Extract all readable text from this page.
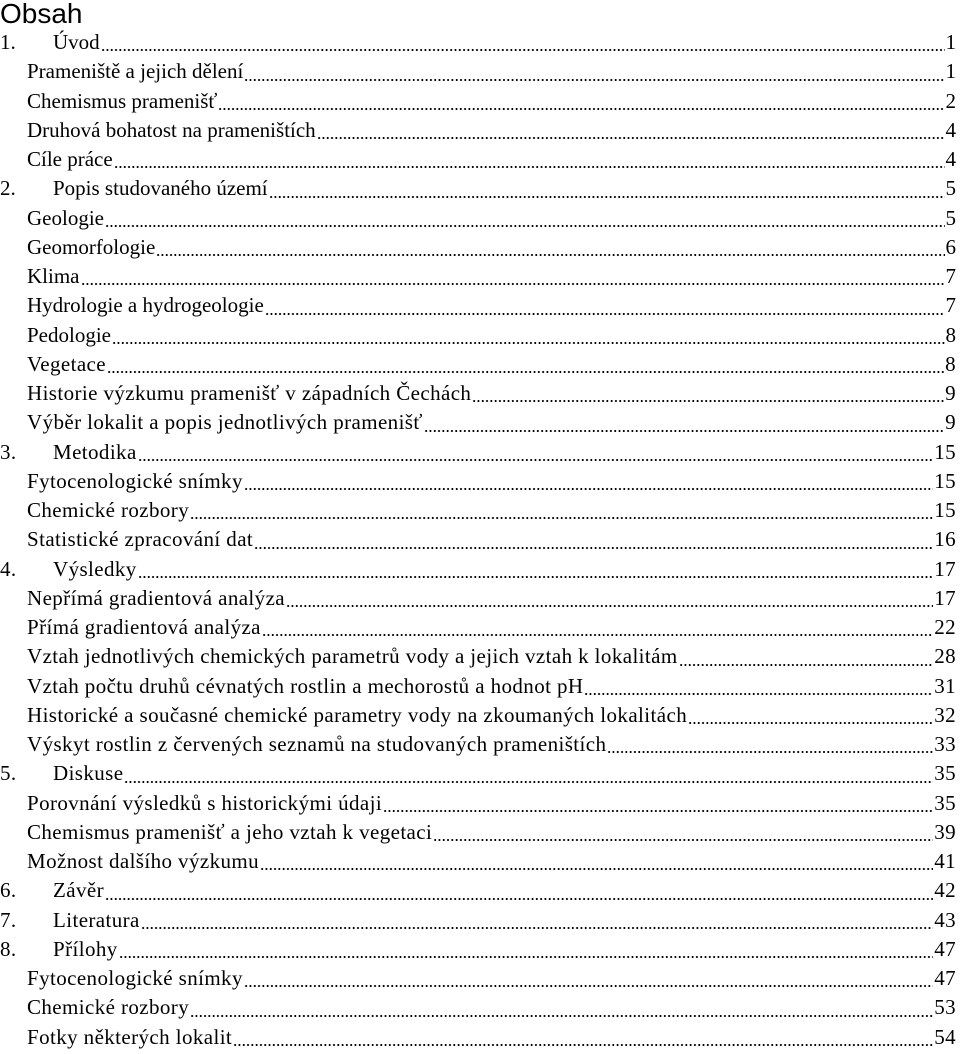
Obsah
1. Úvod	1
Prameniště a jejich dělení	1
Chemismus pramenišť	2
Druhová bohatost na prameništích	4
Cíle práce	4
2. Popis studovaného území	5
Geologie	5
Geomorfologie	6
Klima	7
Hydrologie a hydrogeologie	7
Pedologie	8
Vegetace	8
Historie výzkumu pramenišť v západních Čechách	9
Výběr lokalit a popis jednotlivých pramenišť	9
3. Metodika	15
Fytocenologické snímky	15
Chemické rozbory	15
Statistické zpracování dat	16
4. Výsledky	17
Nepřímá gradientová analýza	17
Přímá gradientová analýza	22
Vztah jednotlivých chemických parametrů vody a jejich vztah k lokalitám	28
Vztah počtu druhů cévnatých rostlin a mechorostů a hodnot pH	31
Historické a současné chemické parametry vody na zkoumaných lokalitách	32
Výskyt rostlin z červených seznamů na studovaných prameništích	33
5. Diskuse	35
Porovnání výsledků s historickými údaji	35
Chemismus pramenišť a jeho vztah k vegetaci	39
Možnost dalšího výzkumu	41
6. Závěr	42
7. Literatura	43
8. Přílohy	47
Fytocenologické snímky	47
Chemické rozbory	53
Fotky některých lokalit	54
